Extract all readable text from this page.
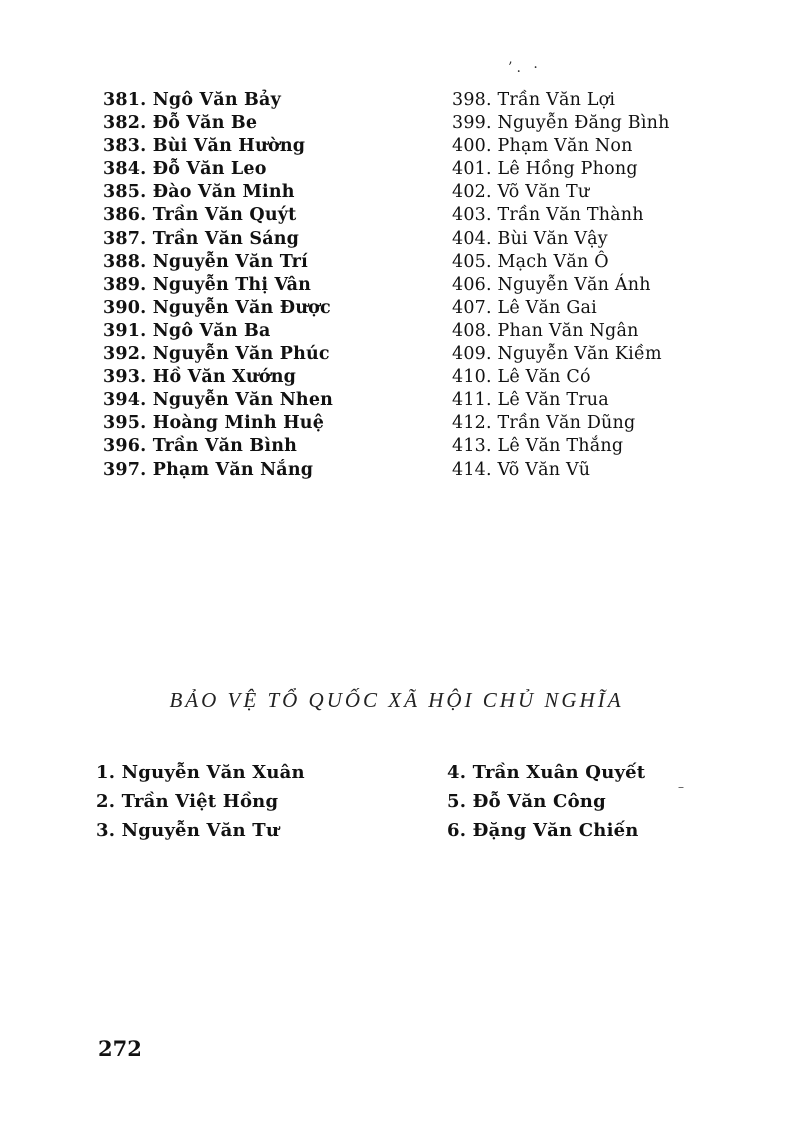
’. ·
381. Ngô Văn Bảy
382. Đỗ Văn Be
383. Bùi Văn Hường
384. Đỗ Văn Leo
385. Đào Văn Minh
386. Trần Văn Quýt
387. Trần Văn Sáng
388. Nguyễn Văn Trí
389. Nguyễn Thị Vân
390. Nguyễn Văn Được
391. Ngô Văn Ba
392. Nguyễn Văn Phúc
393. Hồ Văn Xướng
394. Nguyễn Văn Nhen
395. Hoàng Minh Huệ
396. Trần Văn Bình
397. Phạm Văn Nắng
398. Trần Văn Lợi
399. Nguyễn Đăng Bình
400. Phạm Văn Non
401. Lê Hồng Phong
402. Võ Văn Tư
403. Trần Văn Thành
404. Bùi Văn Vậy
405. Mạch Văn Ô
406. Nguyễn Văn Ánh
407. Lê Văn Gai
408. Phan Văn Ngân
409. Nguyễn Văn Kiềm
410. Lê Văn Có
411. Lê Văn Trua
412. Trần Văn Dũng
413. Lê Văn Thắng
414. Võ Văn Vũ
BẢO VỆ TỔ QUỐC XÃ HỘI CHỦ NGHĨA
1. Nguyễn Văn Xuân
2. Trần Việt Hồng
3. Nguyễn Văn Tư
4. Trần Xuân Quyết
5. Đỗ Văn Công
6. Đặng Văn Chiến
–
272
